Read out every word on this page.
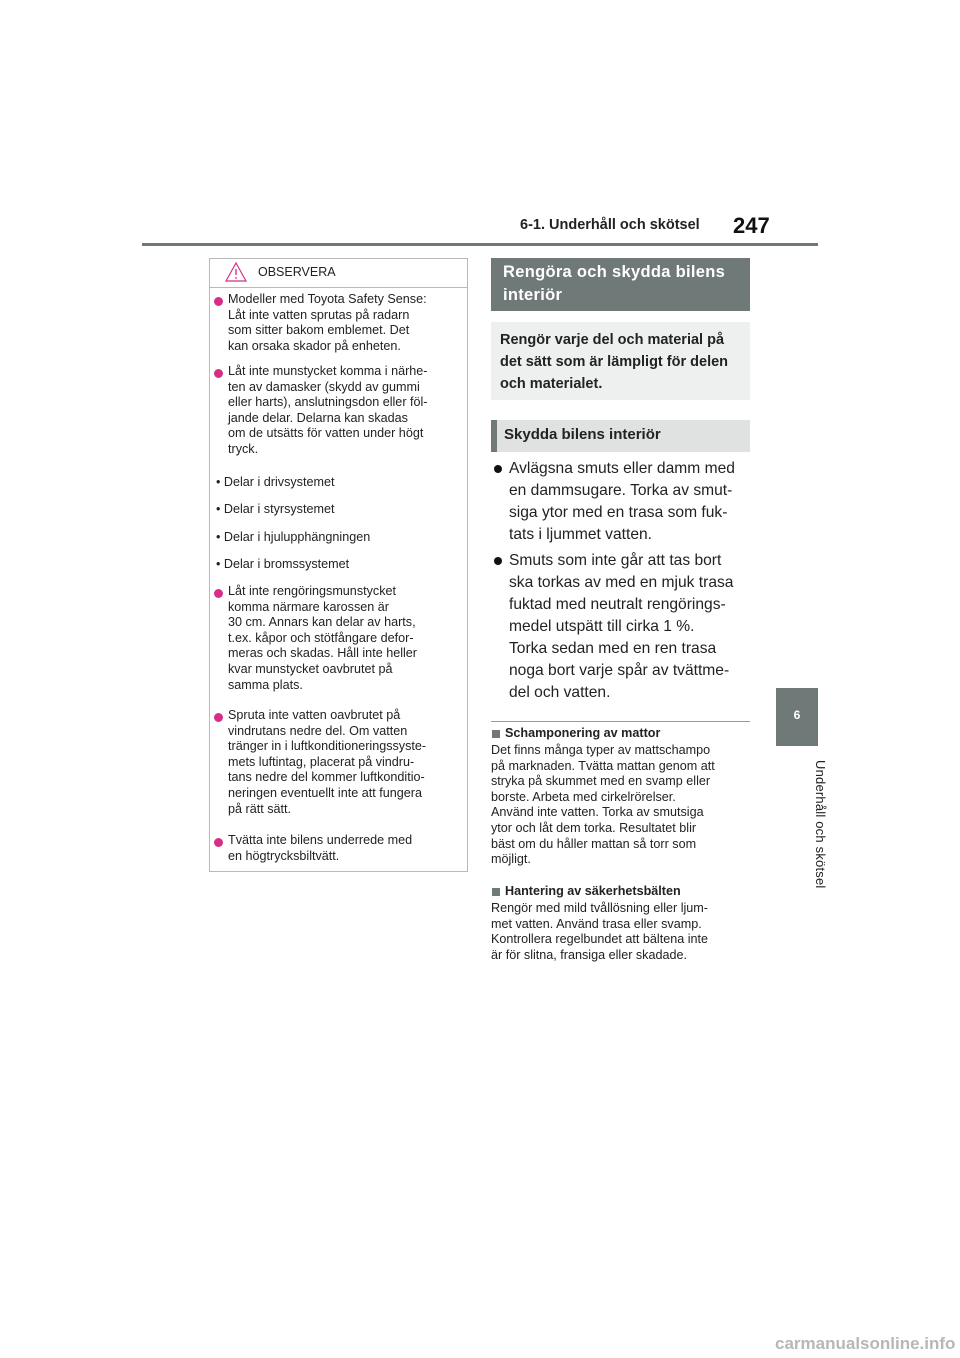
6-1. Underhåll och skötsel 247
6
Underhåll och skötsel
OBSERVERA
Modeller med Toyota Safety Sense:
Låt inte vatten sprutas på radarn
som sitter bakom emblemet. Det
kan orsaka skador på enheten.
Låt inte munstycket komma i närhe-
ten av damasker (skydd av gummi
eller harts), anslutningsdon eller föl-
jande delar. Delarna kan skadas
om de utsätts för vatten under högt
tryck.
• Delar i drivsystemet
• Delar i styrsystemet
• Delar i hjulupphängningen
• Delar i bromssystemet
Låt inte rengöringsmunstycket
komma närmare karossen är
30 cm. Annars kan delar av harts,
t.ex. kåpor och stötfångare defor-
meras och skadas. Håll inte heller
kvar munstycket oavbrutet på
samma plats.
Spruta inte vatten oavbrutet på
vindrutans nedre del. Om vatten
tränger in i luftkonditioneringssyste-
mets luftintag, placerat på vindru-
tans nedre del kommer luftkonditio-
neringen eventuellt inte att fungera
på rätt sätt.
Tvätta inte bilens underrede med
en högtrycksbiltvätt.
Rengöra och skydda bilens interiör
Rengör varje del och material på det sätt som är lämpligt för delen och materialet.
Skydda bilens interiör
Avlägsna smuts eller damm med
en dammsugare. Torka av smut-
siga ytor med en trasa som fuk-
tats i ljummet vatten.
Smuts som inte går att tas bort
ska torkas av med en mjuk trasa
fuktad med neutralt rengörings-
medel utspätt till cirka 1 %.
Torka sedan med en ren trasa
noga bort varje spår av tvättme-
del och vatten.
Schamponering av mattor
Det finns många typer av mattschampo
på marknaden. Tvätta mattan genom att
stryka på skummet med en svamp eller
borste. Arbeta med cirkelrörelser.
Använd inte vatten. Torka av smutsiga
ytor och låt dem torka. Resultatet blir
bäst om du håller mattan så torr som
möjligt.
Hantering av säkerhetsbälten
Rengör med mild tvållösning eller ljum-
met vatten. Använd trasa eller svamp.
Kontrollera regelbundet att bältena inte
är för slitna, fransiga eller skadade.
carmanualsonline.info
